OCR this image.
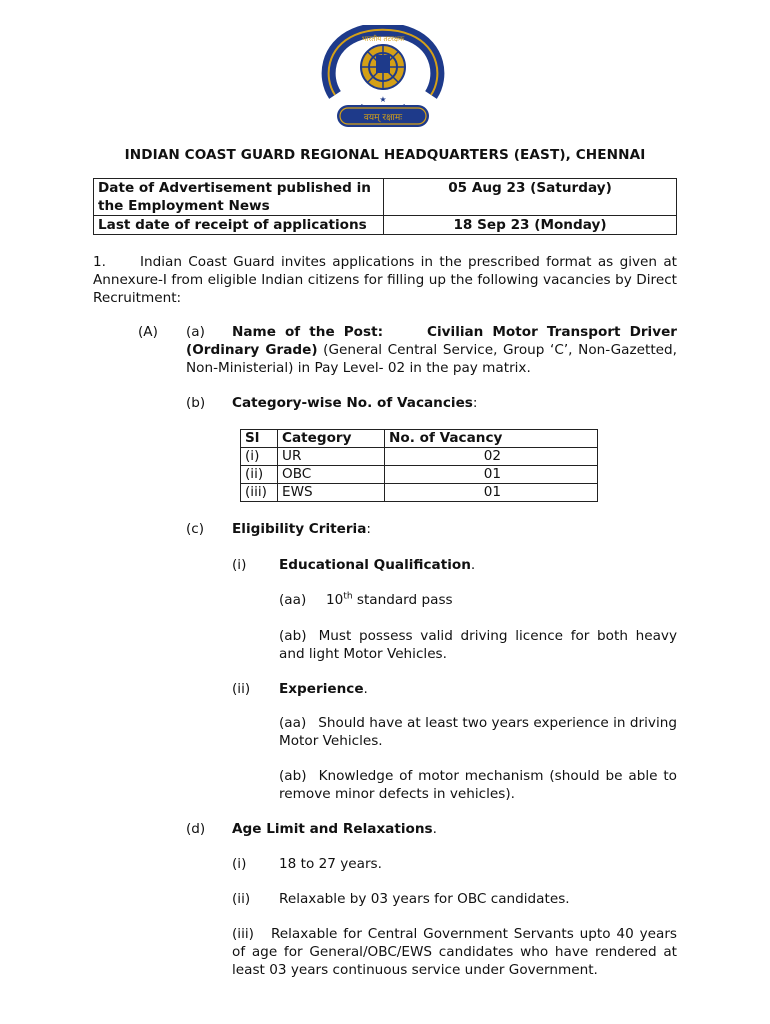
वयम् रक्षामः
भारतीय तटरक्षक
★
INDIAN COAST GUARD REGIONAL HEADQUARTERS (EAST), CHENNAI
Date of Advertisement published in the Employment News	05 Aug 23 (Saturday)
Last date of receipt of applications	18 Sep 23 (Monday)
1.	Indian Coast Guard invites applications in the prescribed format as given at Annexure-I from eligible Indian citizens for filling up the following vacancies by Direct Recruitment:
(A) (a)	Name of the Post:	Civilian Motor Transport Driver (Ordinary Grade) (General Central Service, Group ‘C’, Non-Gazetted, Non-Ministerial) in Pay Level- 02 in the pay matrix.
(b) Category-wise No. of Vacancies:
Sl	Category	No. of Vacancy
(i)	UR	02
(ii)	OBC	01
(iii)	EWS	01
(c) Eligibility Criteria:
(i) Educational Qualification.
(aa) 10th standard pass
(ab) Must possess valid driving licence for both heavy and light Motor Vehicles.
(ii) Experience.
(aa) Should have at least two years experience in driving Motor Vehicles.
(ab) Knowledge of motor mechanism (should be able to remove minor defects in vehicles).
(d) Age Limit and Relaxations.
(i) 18 to 27 years.
(ii) Relaxable by 03 years for OBC candidates.
(iii) Relaxable for Central Government Servants upto 40 years of age for General/OBC/EWS candidates who have rendered at least 03 years continuous service under Government.
